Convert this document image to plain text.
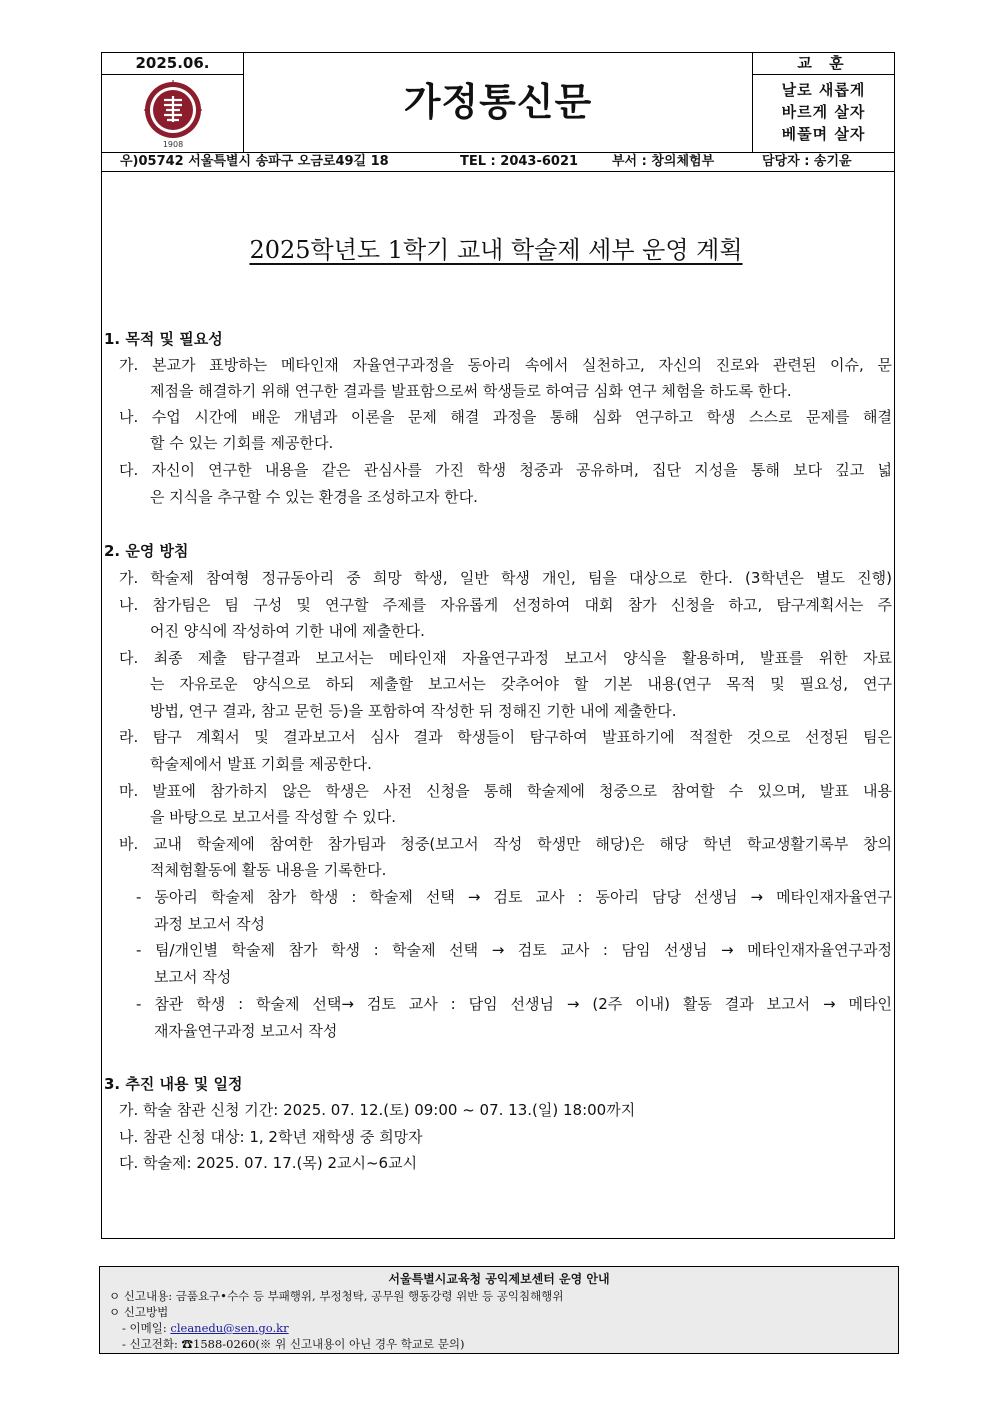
2025.06.
1908
가정통신문
교 훈
날로 새롭게
바르게 살자
베풀며 살자
우)05742 서울특별시 송파구 오금로49길 18	TEL : 2043-6021	부서 : 창의체험부	담당자 : 송기윤
2025학년도 1학기 교내 학술제 세부 운영 계획
1. 목적 및 필요성
가. 본교가 표방하는 메타인재 자율연구과정을 동아리 속에서 실천하고, 자신의 진로와 관련된 이슈, 문
제점을 해결하기 위해 연구한 결과를 발표함으로써 학생들로 하여금 심화 연구 체험을 하도록 한다.
나. 수업 시간에 배운 개념과 이론을 문제 해결 과정을 통해 심화 연구하고 학생 스스로 문제를 해결
할 수 있는 기회를 제공한다.
다. 자신이 연구한 내용을 같은 관심사를 가진 학생 청중과 공유하며, 집단 지성을 통해 보다 깊고 넓
은 지식을 추구할 수 있는 환경을 조성하고자 한다.
2. 운영 방침
가. 학술제 참여형 정규동아리 중 희망 학생, 일반 학생 개인, 팀을 대상으로 한다. (3학년은 별도 진행)
나. 참가팀은 팀 구성 및 연구할 주제를 자유롭게 선정하여 대회 참가 신청을 하고, 탐구계획서는 주
어진 양식에 작성하여 기한 내에 제출한다.
다. 최종 제출 탐구결과 보고서는 메타인재 자율연구과정 보고서 양식을 활용하며, 발표를 위한 자료
는 자유로운 양식으로 하되 제출할 보고서는 갖추어야 할 기본 내용(연구 목적 및 필요성, 연구
방법, 연구 결과, 참고 문헌 등)을 포함하여 작성한 뒤 정해진 기한 내에 제출한다.
라. 탐구 계획서 및 결과보고서 심사 결과 학생들이 탐구하여 발표하기에 적절한 것으로 선정된 팀은
학술제에서 발표 기회를 제공한다.
마. 발표에 참가하지 않은 학생은 사전 신청을 통해 학술제에 청중으로 참여할 수 있으며, 발표 내용
을 바탕으로 보고서를 작성할 수 있다.
바. 교내 학술제에 참여한 참가팀과 청중(보고서 작성 학생만 해당)은 해당 학년 학교생활기록부 창의
적체험활동에 활동 내용을 기록한다.
- 동아리 학술제 참가 학생 : 학술제 선택 → 검토 교사 : 동아리 담당 선생님 → 메타인재자율연구
과정 보고서 작성
- 팀/개인별 학술제 참가 학생 : 학술제 선택 → 검토 교사 : 담임 선생님 → 메타인재자율연구과정
보고서 작성
- 참관 학생 : 학술제 선택→ 검토 교사 : 담임 선생님 → (2주 이내) 활동 결과 보고서 → 메타인
재자율연구과정 보고서 작성
3. 추진 내용 및 일정
가. 학술 참관 신청 기간: 2025. 07. 12.(토) 09:00 ~ 07. 13.(일) 18:00까지
나. 참관 신청 대상: 1, 2학년 재학생 중 희망자
다. 학술제: 2025. 07. 17.(목) 2교시~6교시
서울특별시교육청 공익제보센터 운영 안내
ㅇ 신고내용: 금품요구•수수 등 부패행위, 부정청탁, 공무원 행동강령 위반 등 공익침해행위
ㅇ 신고방법
- 이메일: cleanedu@sen.go.kr
- 신고전화: ☎1588-0260(※ 위 신고내용이 아닌 경우 학교로 문의)
